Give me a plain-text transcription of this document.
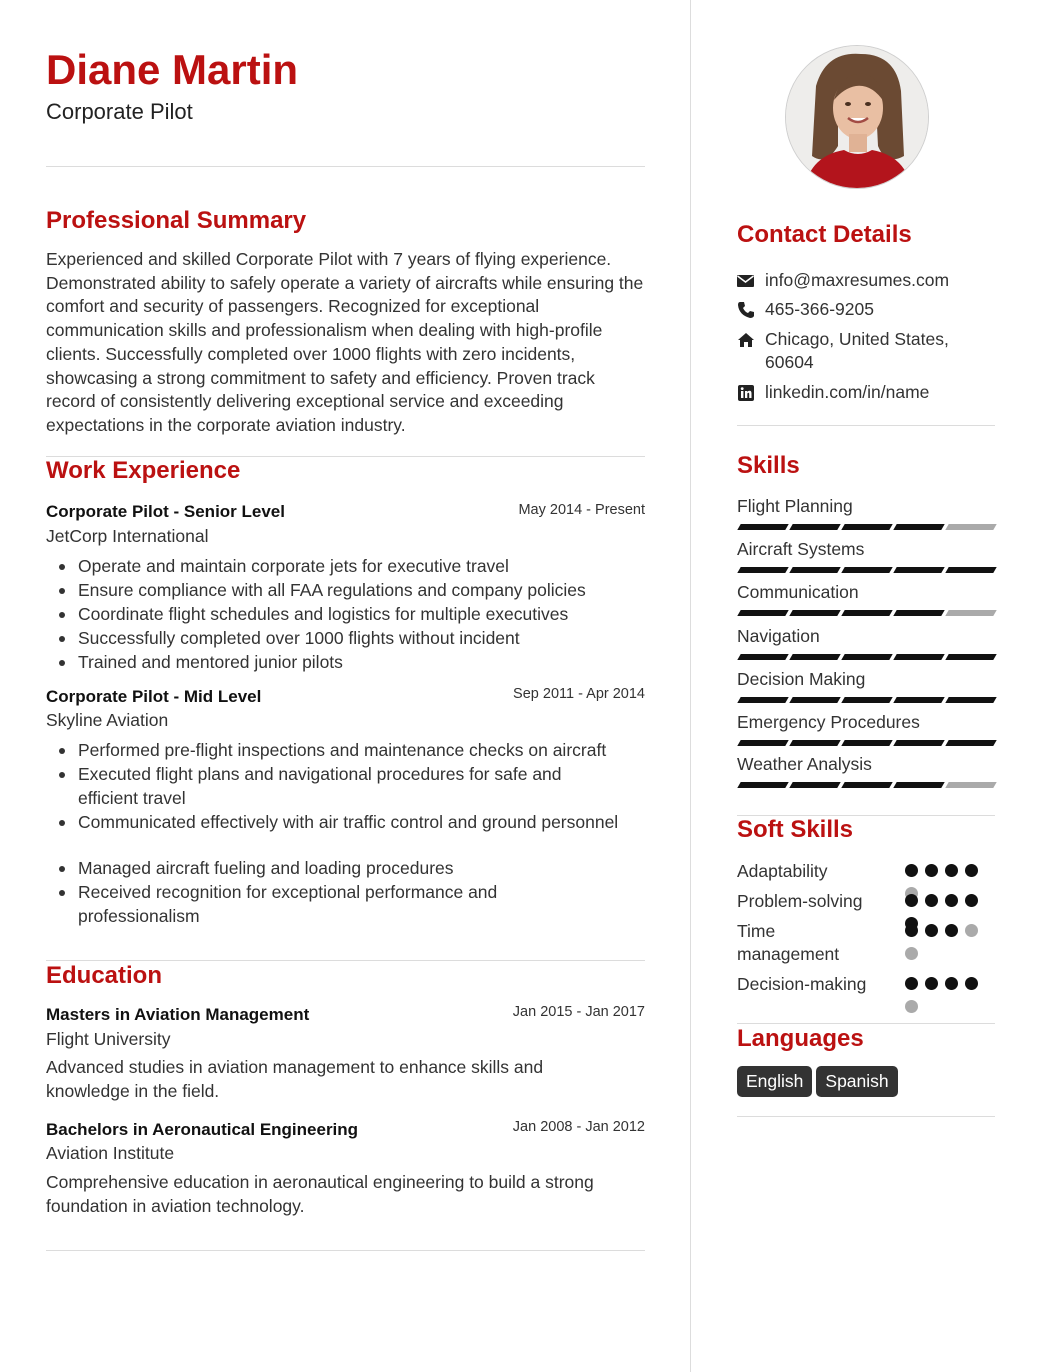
Diane Martin
Corporate Pilot
Professional Summary
Experienced and skilled Corporate Pilot with 7 years of flying experience. Demonstrated ability to safely operate a variety of aircrafts while ensuring the comfort and security of passengers. Recognized for exceptional communication skills and professionalism when dealing with high-profile clients. Successfully completed over 1000 flights with zero incidents, showcasing a strong commitment to safety and efficiency. Proven track record of consistently delivering exceptional service and exceeding expectations in the corporate aviation industry.
Work Experience
Corporate Pilot - Senior Level	May 2014 - Present
JetCorp International
Operate and maintain corporate jets for executive travel
Ensure compliance with all FAA regulations and company policies
Coordinate flight schedules and logistics for multiple executives
Successfully completed over 1000 flights without incident
Trained and mentored junior pilots
Corporate Pilot - Mid Level	Sep 2011 - Apr 2014
Skyline Aviation
Performed pre-flight inspections and maintenance checks on aircraft
Executed flight plans and navigational procedures for safe and efficient travel
Communicated effectively with air traffic control and ground personnel
Managed aircraft fueling and loading procedures
Received recognition for exceptional performance and professionalism
Education
Masters in Aviation Management	Jan 2015 - Jan 2017
Flight University
Advanced studies in aviation management to enhance skills and knowledge in the field.
Bachelors in Aeronautical Engineering	Jan 2008 - Jan 2012
Aviation Institute
Comprehensive education in aeronautical engineering to build a strong foundation in aviation technology.
Contact Details
info@maxresumes.com
465-366-9205
Chicago, United States, 60604
linkedin.com/in/name
Skills
Flight Planning
Aircraft Systems
Communication
Navigation
Decision Making
Emergency Procedures
Weather Analysis
Soft Skills
Adaptability
Problem-solving
Time management
Decision-making
Languages
English Spanish
